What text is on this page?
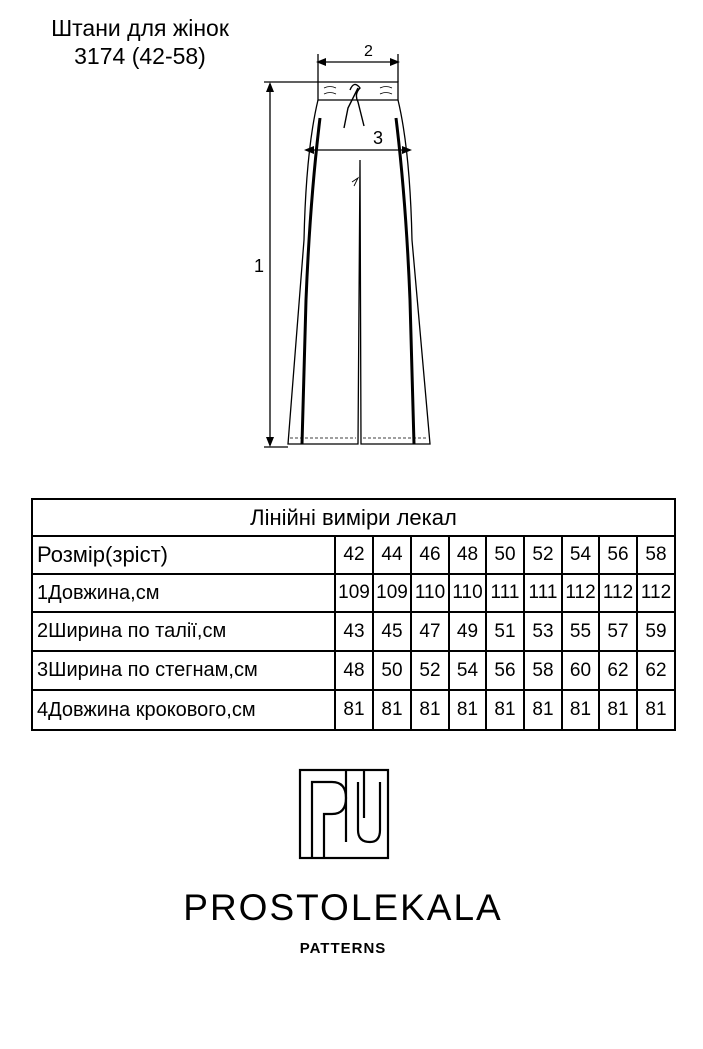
Штани для жінок
3174 (42-58)
1
2
3
Лінійні виміри лекал
Розмір(зріст)	42 44 46 48 50 52 54 56 58
1Довжина,см	109 109 110 110 111 111 112 112 112
2Ширина по талії,см	43 45 47 49 51 53 55 57 59
3Ширина по стегнам,см	48 50 52 54 56 58 60 62 62
4Довжина крокового,см	81 81 81 81 81 81 81 81 81
PROSTOLEKALA
PATTERNS
